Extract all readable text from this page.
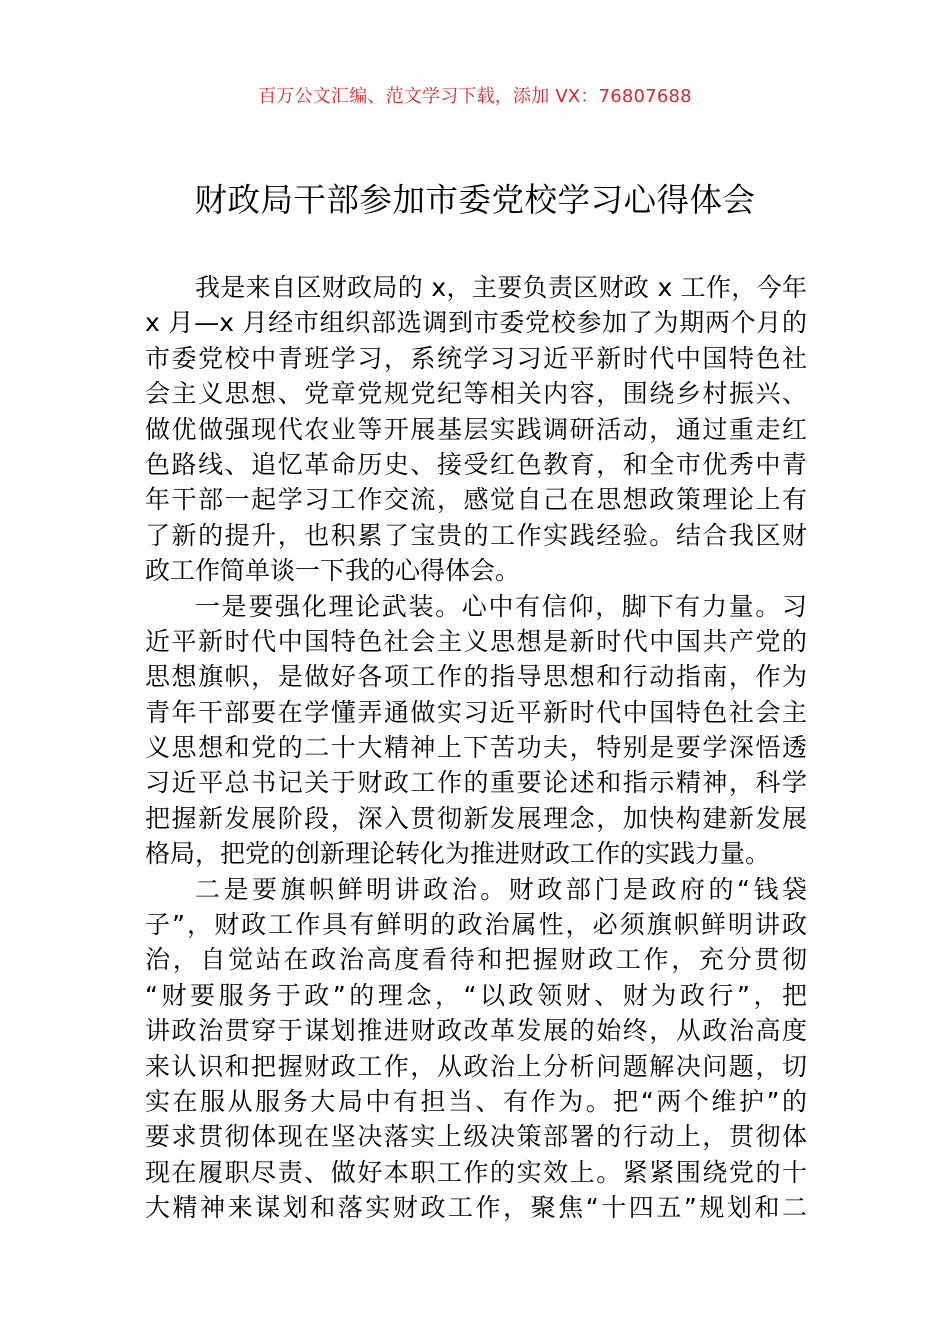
百万公文汇编、范文学习下载，添加 VX：76807688
财政局干部参加市委党校学习心得体会
我是来自区财政局的 x，主要负责区财政 x 工作，今年
x 月—x 月经市组织部选调到市委党校参加了为期两个月的
市委党校中青班学习，系统学习习近平新时代中国特色社
会主义思想、党章党规党纪等相关内容，围绕乡村振兴、
做优做强现代农业等开展基层实践调研活动，通过重走红
色路线、追忆革命历史、接受红色教育，和全市优秀中青
年干部一起学习工作交流，感觉自己在思想政策理论上有
了新的提升，也积累了宝贵的工作实践经验。结合我区财
政工作简单谈一下我的心得体会。
一是要强化理论武装。心中有信仰，脚下有力量。习
近平新时代中国特色社会主义思想是新时代中国共产党的
思想旗帜，是做好各项工作的指导思想和行动指南，作为
青年干部要在学懂弄通做实习近平新时代中国特色社会主
义思想和党的二十大精神上下苦功夫，特别是要学深悟透
习近平总书记关于财政工作的重要论述和指示精神，科学
把握新发展阶段，深入贯彻新发展理念，加快构建新发展
格局，把党的创新理论转化为推进财政工作的实践力量。
二是要旗帜鲜明讲政治。财政部门是政府的“钱袋
子”，财政工作具有鲜明的政治属性，必须旗帜鲜明讲政
治，自觉站在政治高度看待和把握财政工作，充分贯彻
“财要服务于政”的理念，“以政领财、财为政行”，把
讲政治贯穿于谋划推进财政改革发展的始终，从政治高度
来认识和把握财政工作，从政治上分析问题解决问题，切
实在服从服务大局中有担当、有作为。把“两个维护”的
要求贯彻体现在坚决落实上级决策部署的行动上，贯彻体
现在履职尽责、做好本职工作的实效上。紧紧围绕党的十
大精神来谋划和落实财政工作，聚焦“十四五”规划和二
